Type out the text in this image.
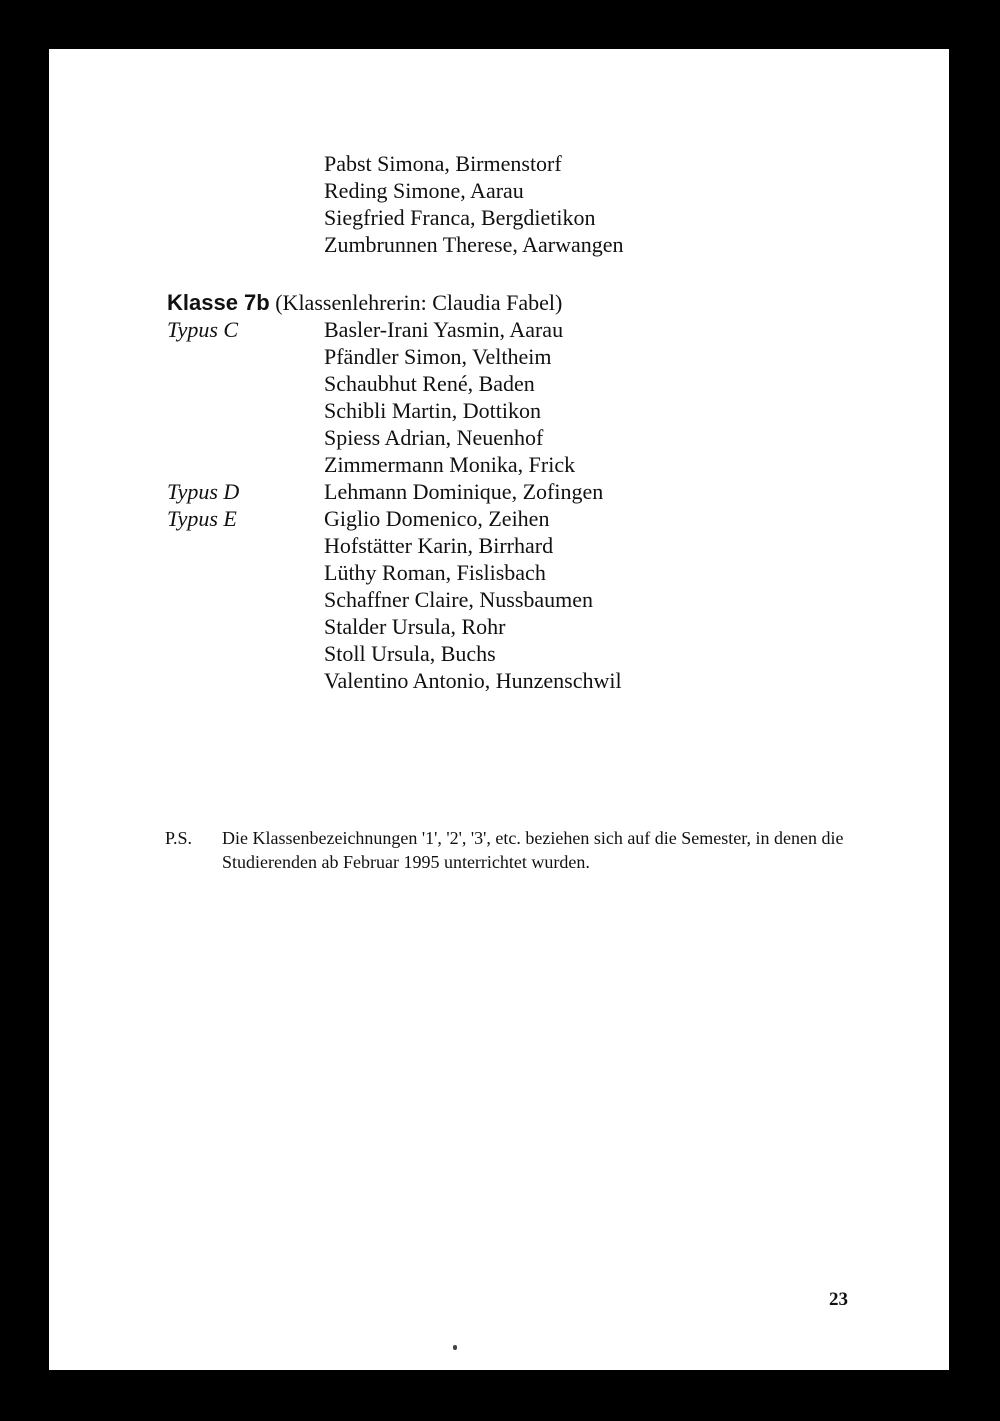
Pabst Simona, Birmenstorf
Reding Simone, Aarau
Siegfried Franca, Bergdietikon
Zumbrunnen Therese, Aarwangen
Klasse 7b (Klassenlehrerin: Claudia Fabel)
Typus C
Typus D
Typus E
Basler-Irani Yasmin, Aarau
Pfändler Simon, Veltheim
Schaubhut René, Baden
Schibli Martin, Dottikon
Spiess Adrian, Neuenhof
Zimmermann Monika, Frick
Lehmann Dominique, Zofingen
Giglio Domenico, Zeihen
Hofstätter Karin, Birrhard
Lüthy Roman, Fislisbach
Schaffner Claire, Nussbaumen
Stalder Ursula, Rohr
Stoll Ursula, Buchs
Valentino Antonio, Hunzenschwil
P.S. Die Klassenbezeichnungen '1', '2', '3', etc. beziehen sich auf die Semester, in denen die Studierenden ab Februar 1995 unterrichtet wurden.
23
